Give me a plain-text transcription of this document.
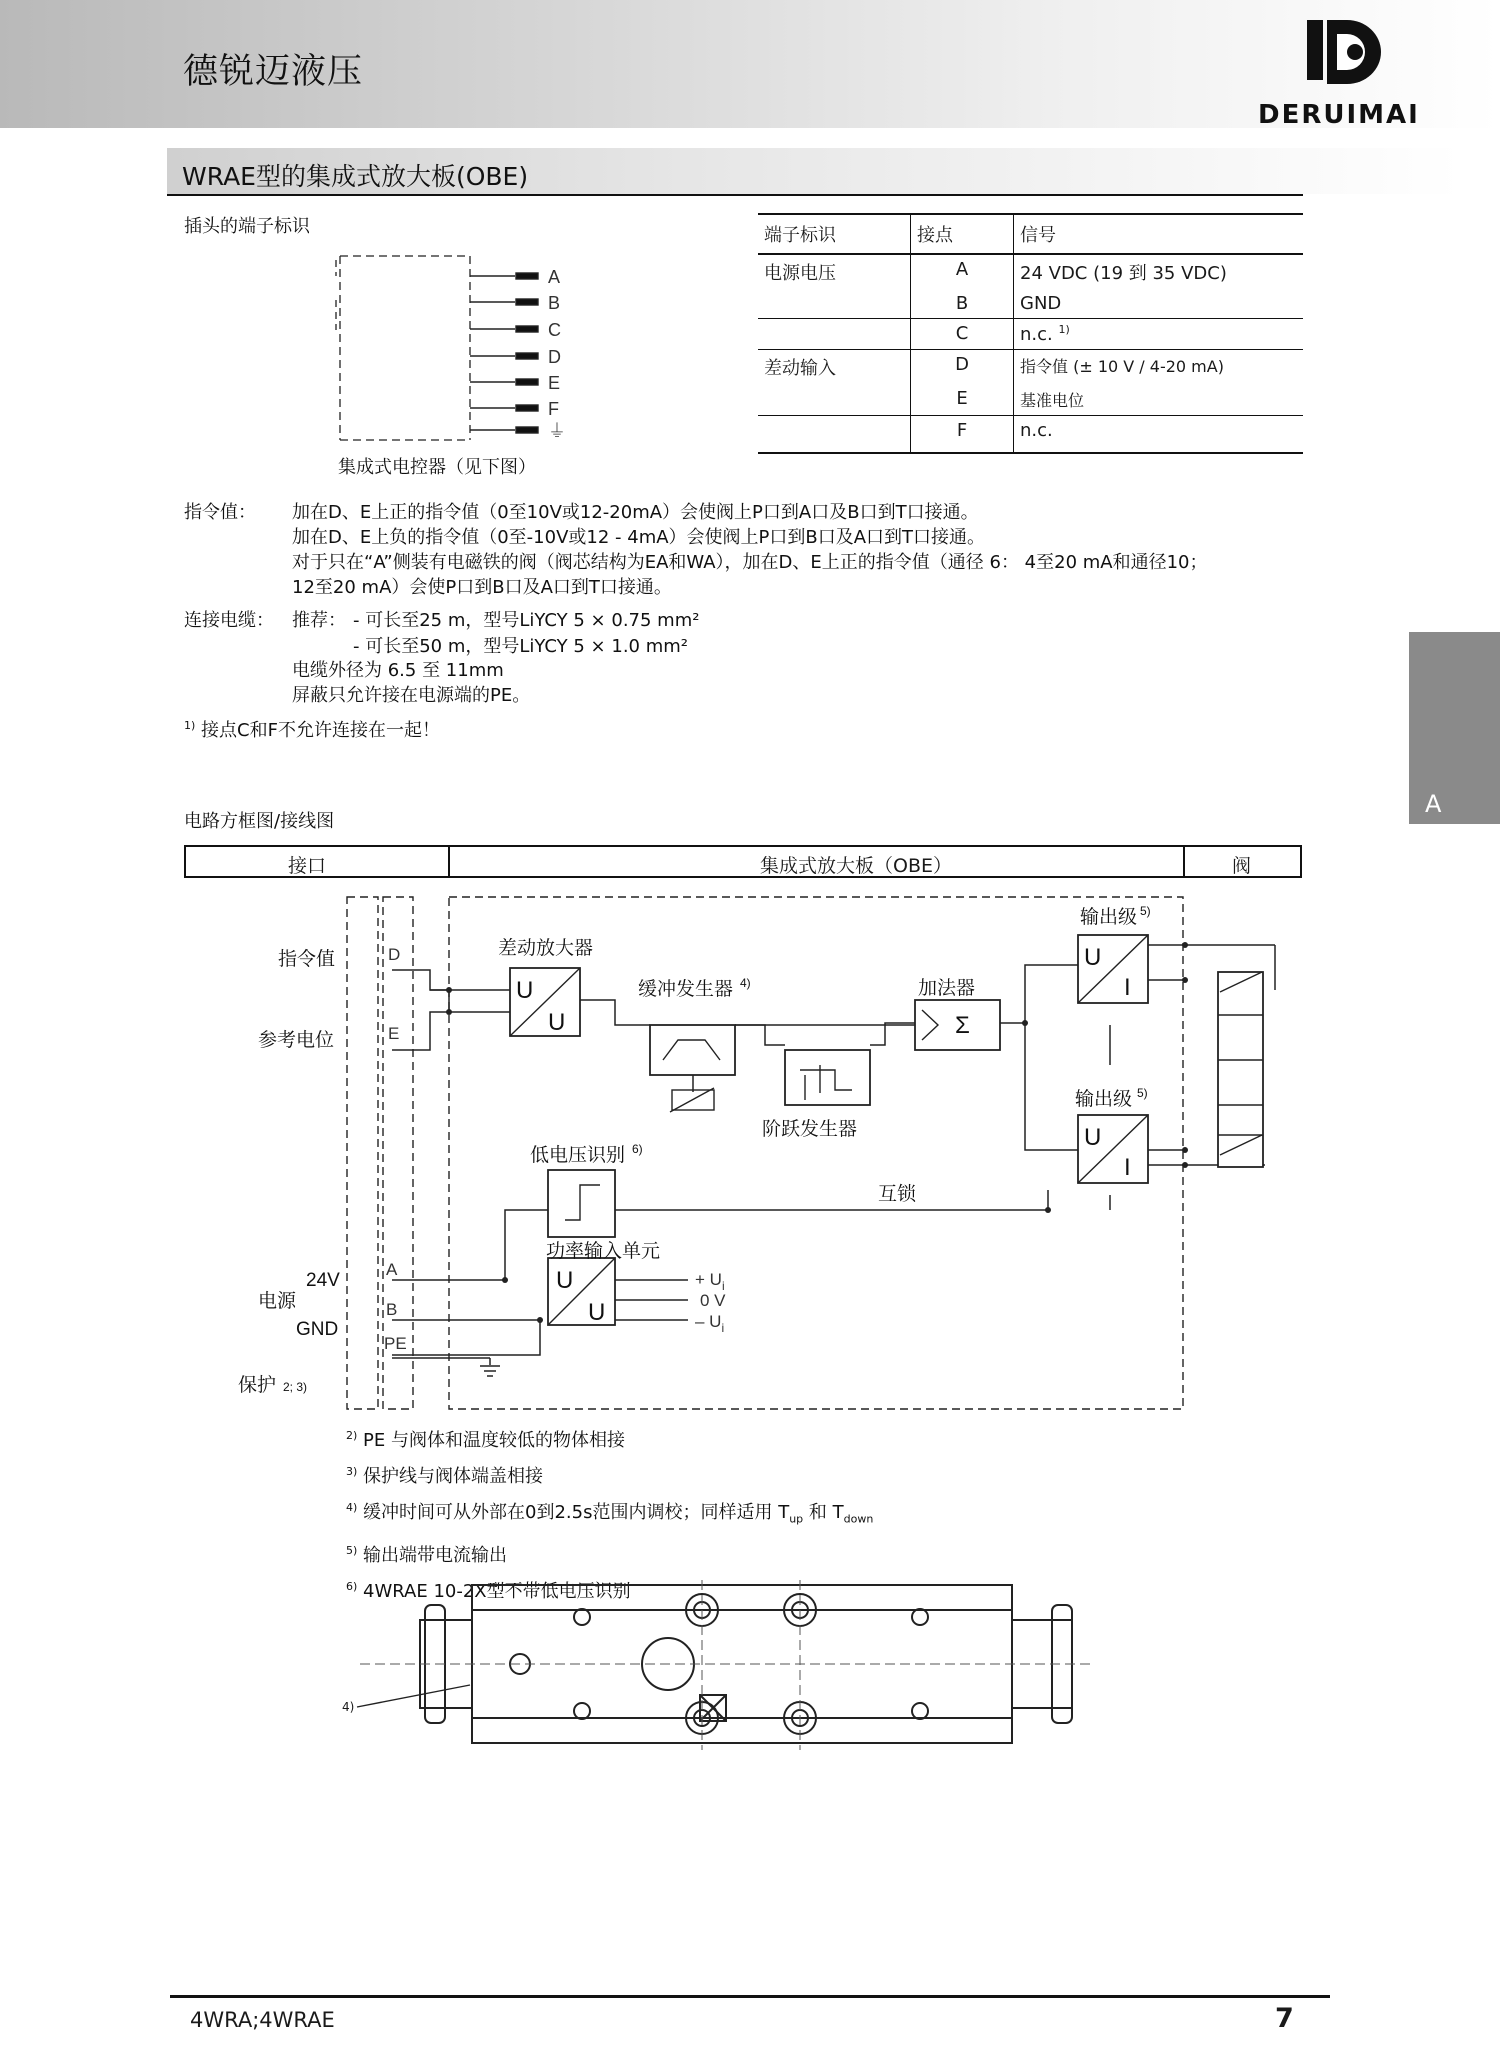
德锐迈液压
DERUIMAI
WRAE型的集成式放大板(OBE)
插头的端子标识
A
B
C
D
E
F
⏚
集成式电控器（见下图）
端子标识	接点	信号
电源电压	A	24 VDC (19 到 35 VDC)
	B	GND
	C	n.c. $^{1)}$
差动输入	D	指令值 (± 10 V / 4-20 mA)
	E	基准电位
	F	n.c.
指令值： 加在D、E上正的指令值（0至10V或12-20mA）会使阀上P口到A口及B口到T口接通。
加在D、E上负的指令值（0至-10V或12 - 4mA）会使阀上P口到B口及A口到T口接通。
对于只在“A”侧装有电磁铁的阀（阀芯结构为EA和WA），加在D、E上正的指令值（通径 6： 4至20 mA和通径10；
12至20 mA）会使P口到B口及A口到T口接通。
连接电缆： 推荐： - 可长至25 m，型号LiYCY 5 × 0.75 mm²
- 可长至50 m，型号LiYCY 5 × 1.0 mm²
电缆外径为 6.5 至 11mm
屏蔽只允许接在电源端的PE。
$^{1)}$ 接点C和F不允许连接在一起！
A
电路方框图/接线图
接口	集成式放大板（OBE）	阀
D
E
A
B
PE
指令值
参考电位
24V
电源
GND
保护 2; 3)
U
U
U
I
U
I
U
U
Σ
差动放大器
缓冲发生器 4)	加法器
阶跃发生器
输出级 5)
输出级 5)
低电压识别 6)
互锁
功率输入单元
+ $U_i$
0 V
– $U_i$
$^{2)}$ PE 与阀体和温度较低的物体相接
$^{3)}$ 保护线与阀体端盖相接
$^{4)}$ 缓冲时间可从外部在0到2.5s范围内调校；同样适用 $T_{up}$ 和 $T_{down}$
$^{5)}$ 输出端带电流输出
$^{6)}$ 4WRAE 10-2X型不带低电压识别
4)
4WRA;4WRAE	7
